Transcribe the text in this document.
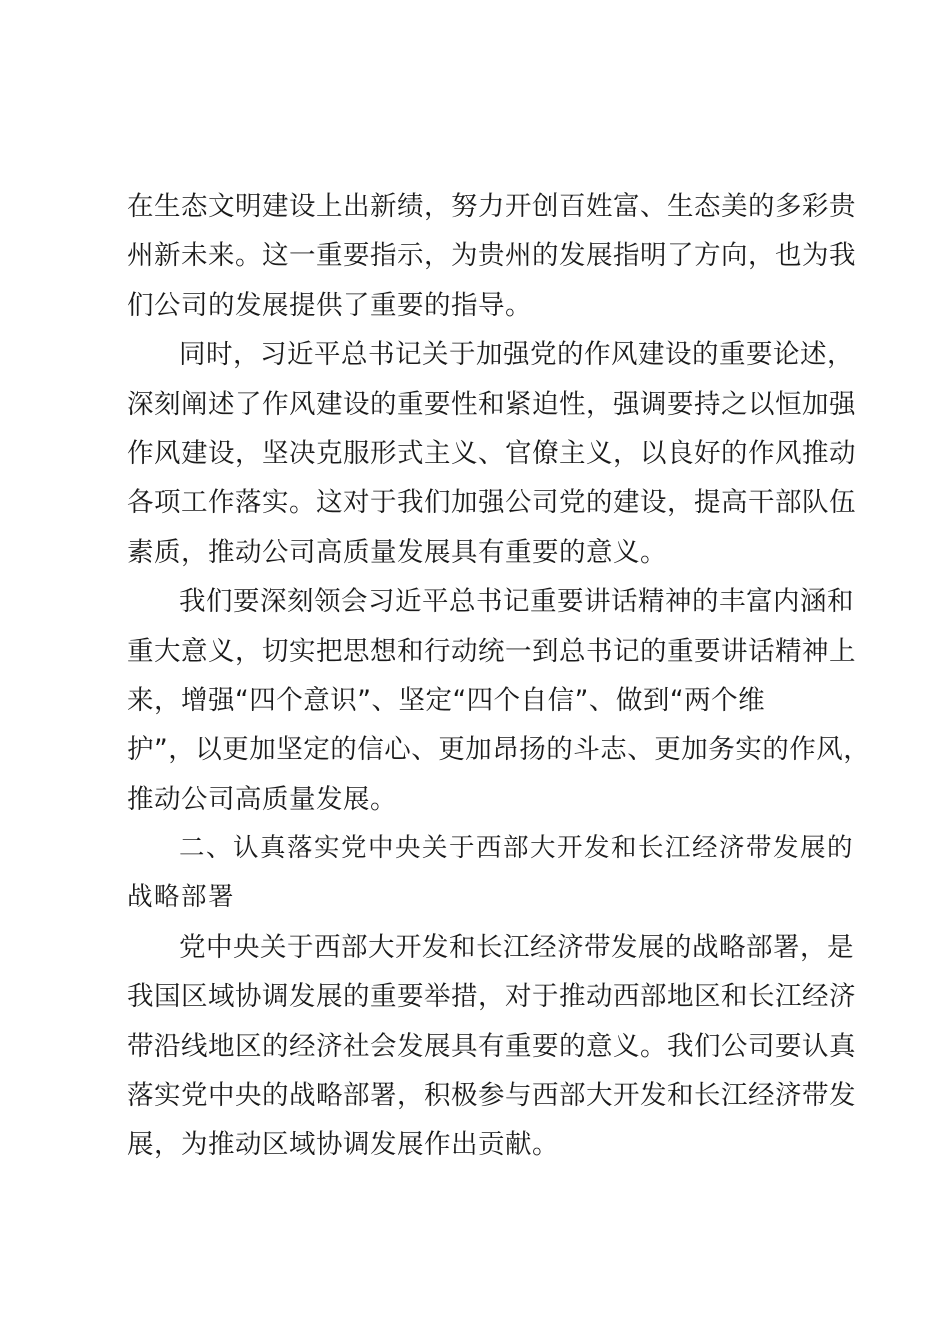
在生态文明建设上出新绩，努力开创百姓富、生态美的多彩贵
州新未来。这一重要指示，为贵州的发展指明了方向，也为我
们公司的发展提供了重要的指导。
同时，习近平总书记关于加强党的作风建设的重要论述，
深刻阐述了作风建设的重要性和紧迫性，强调要持之以恒加强
作风建设，坚决克服形式主义、官僚主义，以良好的作风推动
各项工作落实。这对于我们加强公司党的建设，提高干部队伍
素质，推动公司高质量发展具有重要的意义。
我们要深刻领会习近平总书记重要讲话精神的丰富内涵和
重大意义，切实把思想和行动统一到总书记的重要讲话精神上
来，增强“四个意识”、坚定“四个自信”、做到“两个维
护”，以更加坚定的信心、更加昂扬的斗志、更加务实的作风，
推动公司高质量发展。
二、认真落实党中央关于西部大开发和长江经济带发展的
战略部署
党中央关于西部大开发和长江经济带发展的战略部署，是
我国区域协调发展的重要举措，对于推动西部地区和长江经济
带沿线地区的经济社会发展具有重要的意义。我们公司要认真
落实党中央的战略部署，积极参与西部大开发和长江经济带发
展，为推动区域协调发展作出贡献。
